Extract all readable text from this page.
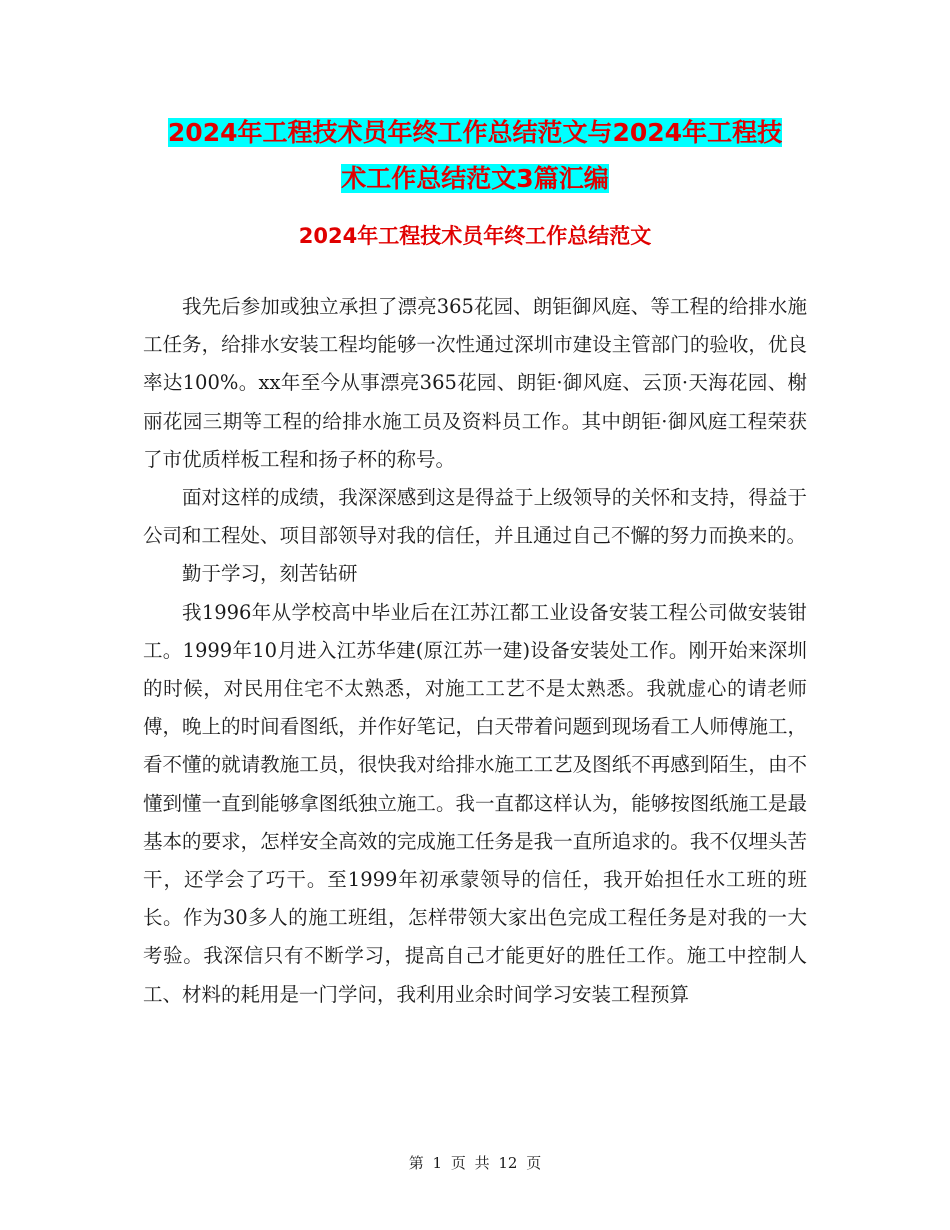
2024年工程技术员年终工作总结范文与2024年工程技
术工作总结范文3篇汇编
2024年工程技术员年终工作总结范文

我先后参加或独立承担了漂亮365花园、朗钜御风庭、等工程的给排水施工任务，给排水安装工程均能够一次性通过深圳市建设主管部门的验收，优良率达100%。xx年至今从事漂亮365花园、朗钜·御风庭、云顶·天海花园、榭丽花园三期等工程的给排水施工员及资料员工作。其中朗钜·御风庭工程荣获了市优质样板工程和扬子杯的称号。

面对这样的成绩，我深深感到这是得益于上级领导的关怀和支持，得益于公司和工程处、项目部领导对我的信任，并且通过自己不懈的努力而换来的。

勤于学习，刻苦钻研

我1996年从学校高中毕业后在江苏江都工业设备安装工程公司做安装钳工。1999年10月进入江苏华建(原江苏一建)设备安装处工作。刚开始来深圳的时候，对民用住宅不太熟悉，对施工工艺不是太熟悉。我就虚心的请老师傅，晚上的时间看图纸，并作好笔记，白天带着问题到现场看工人师傅施工，看不懂的就请教施工员，很快我对给排水施工工艺及图纸不再感到陌生，由不懂到懂一直到能够拿图纸独立施工。我一直都这样认为，能够按图纸施工是最基本的要求，怎样安全高效的完成施工任务是我一直所追求的。我不仅埋头苦干，还学会了巧干。至1999年初承蒙领导的信任，我开始担任水工班的班长。作为30多人的施工班组，怎样带领大家出色完成工程任务是对我的一大考验。我深信只有不断学习，提高自己才能更好的胜任工作。施工中控制人工、材料的耗用是一门学问，我利用业余时间学习安装工程预算

第 1 页 共 12 页
